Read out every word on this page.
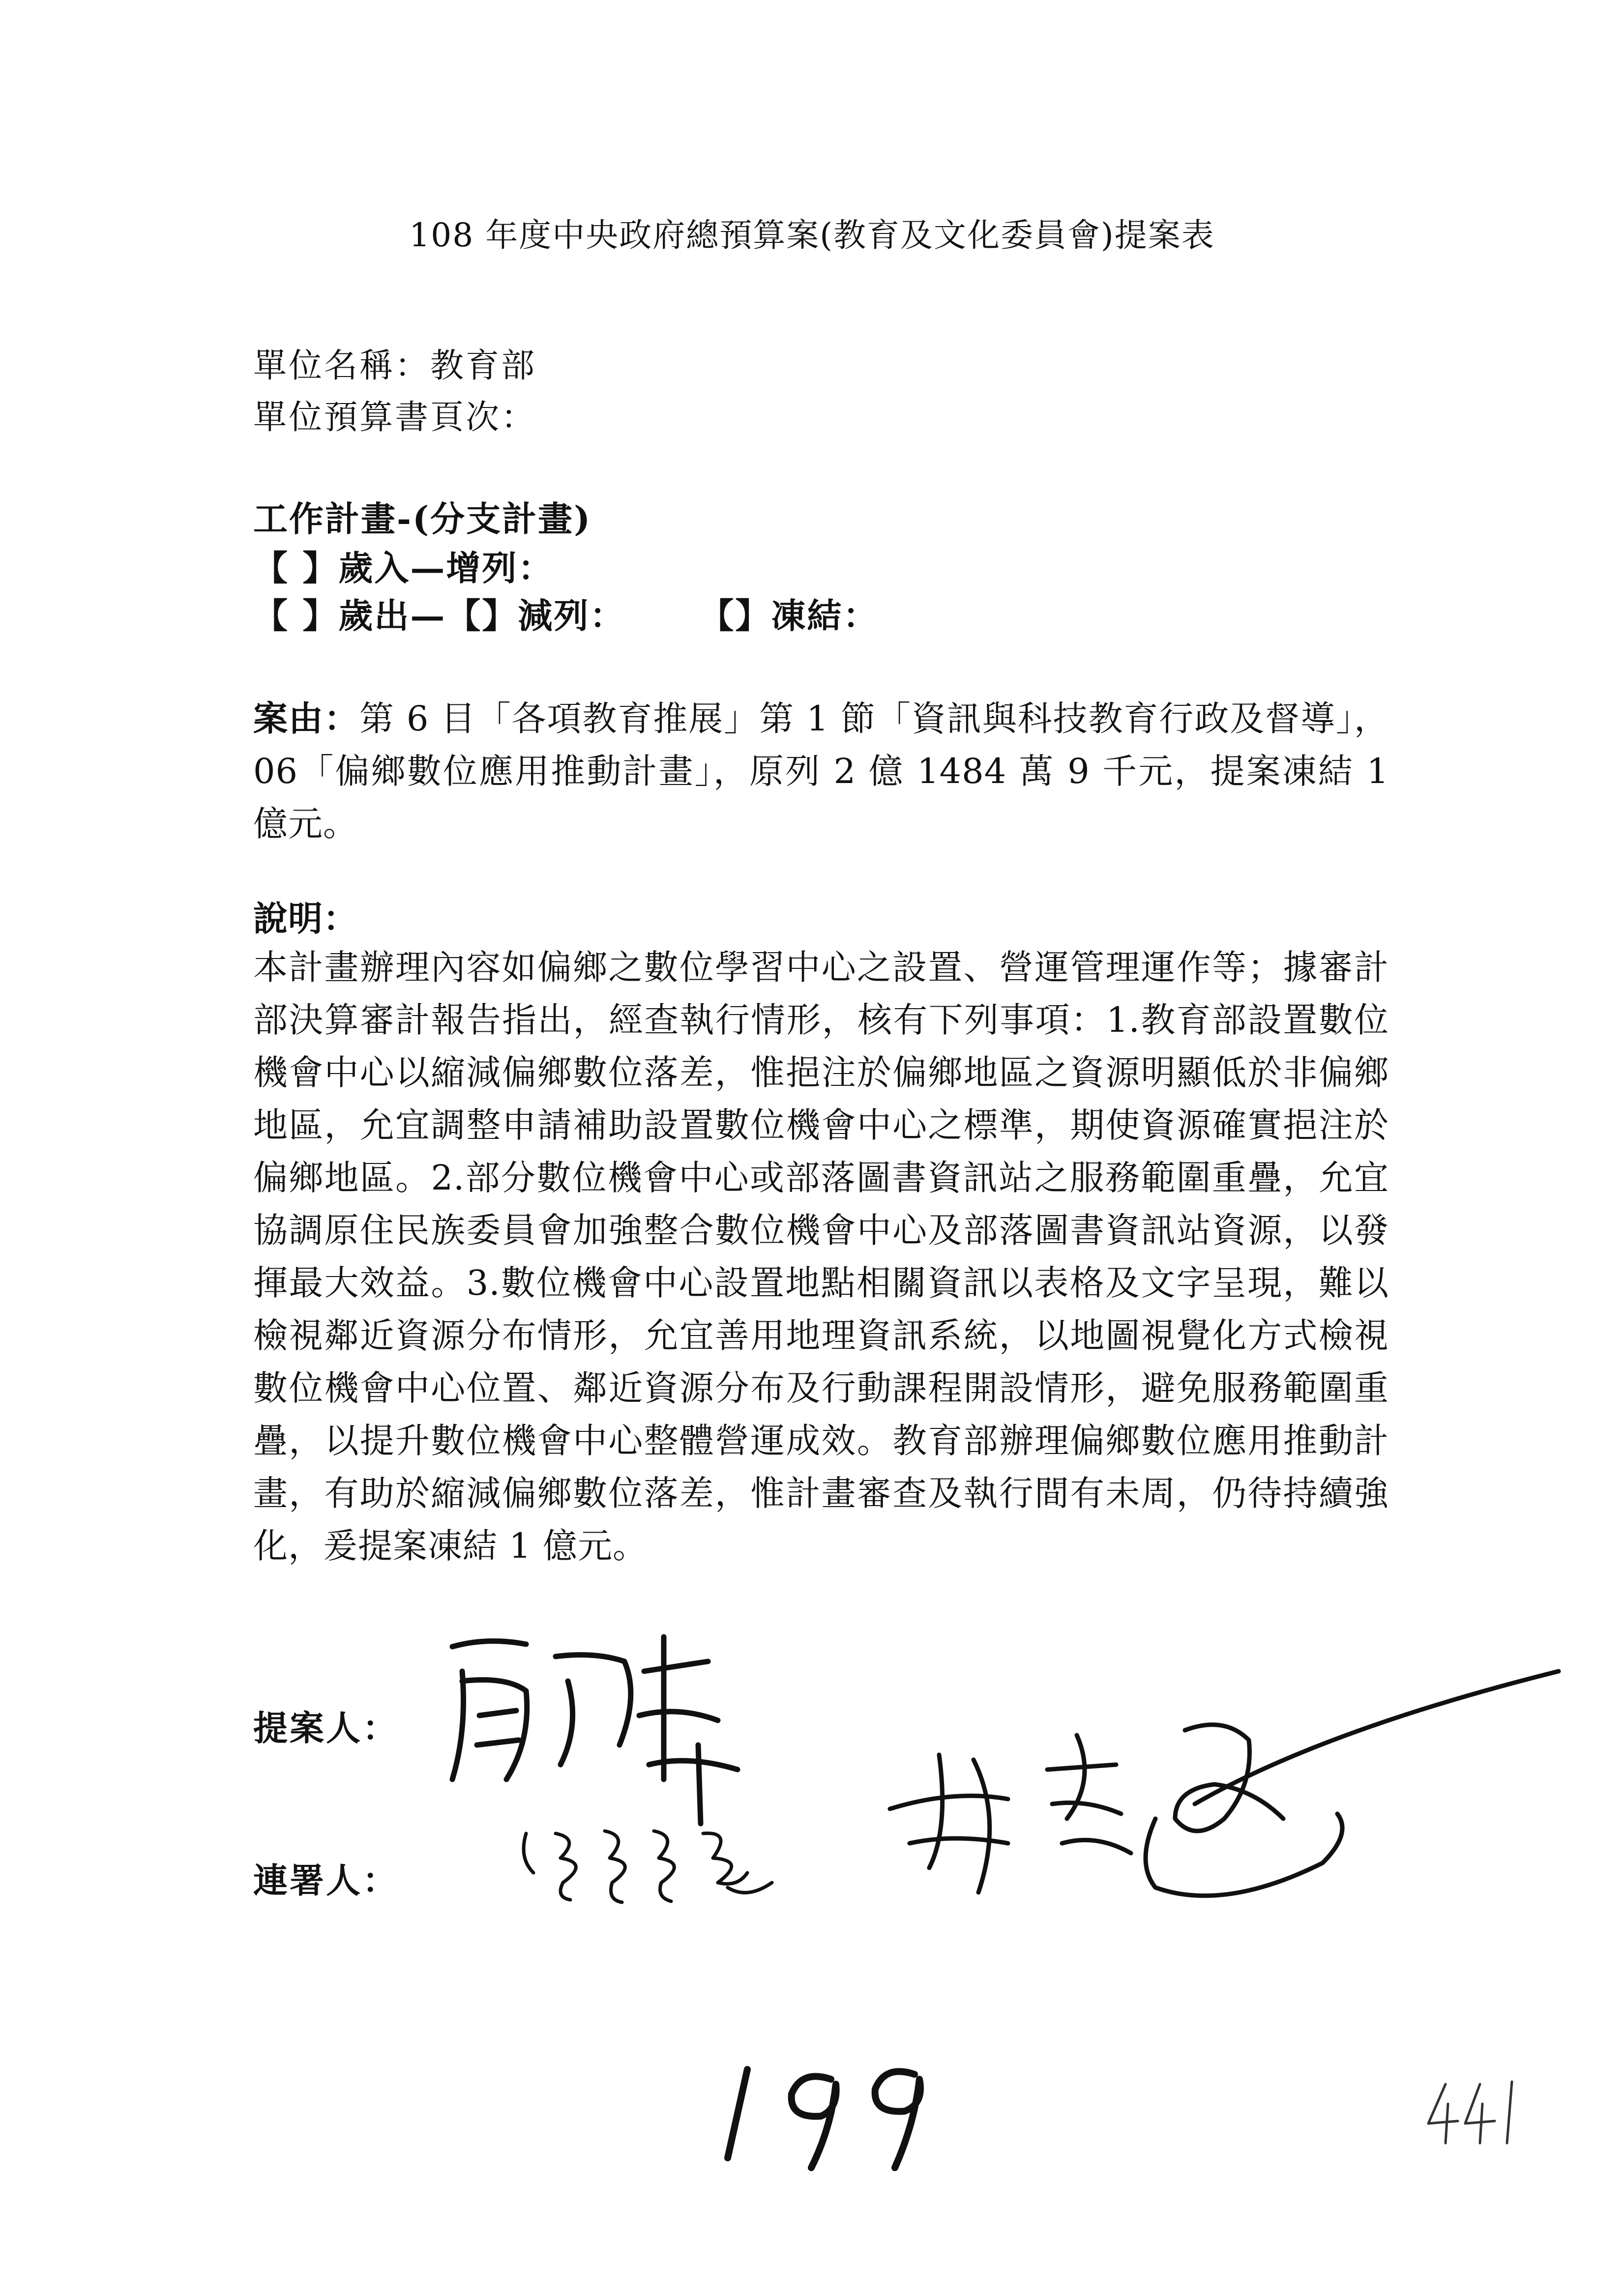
108 年度中央政府總預算案(教育及文化委員會)提案表
單位名稱：教育部
單位預算書頁次：
工作計畫-(分支計畫)
【 】歲入—增列：
【 】歲出—【】減列： 【】凍結：
案由：第 6 目「各項教育推展」第 1 節「資訊與科技教育行政及督導」，06「偏鄉數位應用推動計畫」，原列 2 億 1484 萬 9 千元，提案凍結 1 億元。
說明：
本計畫辦理內容如偏鄉之數位學習中心之設置、營運管理運作等；據審計部決算審計報告指出，經查執行情形，核有下列事項：1.教育部設置數位機會中心以縮減偏鄉數位落差，惟挹注於偏鄉地區之資源明顯低於非偏鄉地區，允宜調整申請補助設置數位機會中心之標準，期使資源確實挹注於偏鄉地區。2.部分數位機會中心或部落圖書資訊站之服務範圍重疊，允宜協調原住民族委員會加強整合數位機會中心及部落圖書資訊站資源，以發揮最大效益。3.數位機會中心設置地點相關資訊以表格及文字呈現，難以檢視鄰近資源分布情形，允宜善用地理資訊系統，以地圖視覺化方式檢視數位機會中心位置、鄰近資源分布及行動課程開設情形，避免服務範圍重疊，以提升數位機會中心整體營運成效。教育部辦理偏鄉數位應用推動計畫，有助於縮減偏鄉數位落差，惟計畫審查及執行間有未周，仍待持續強化，爰提案凍結 1 億元。
提案人：
連署人：
